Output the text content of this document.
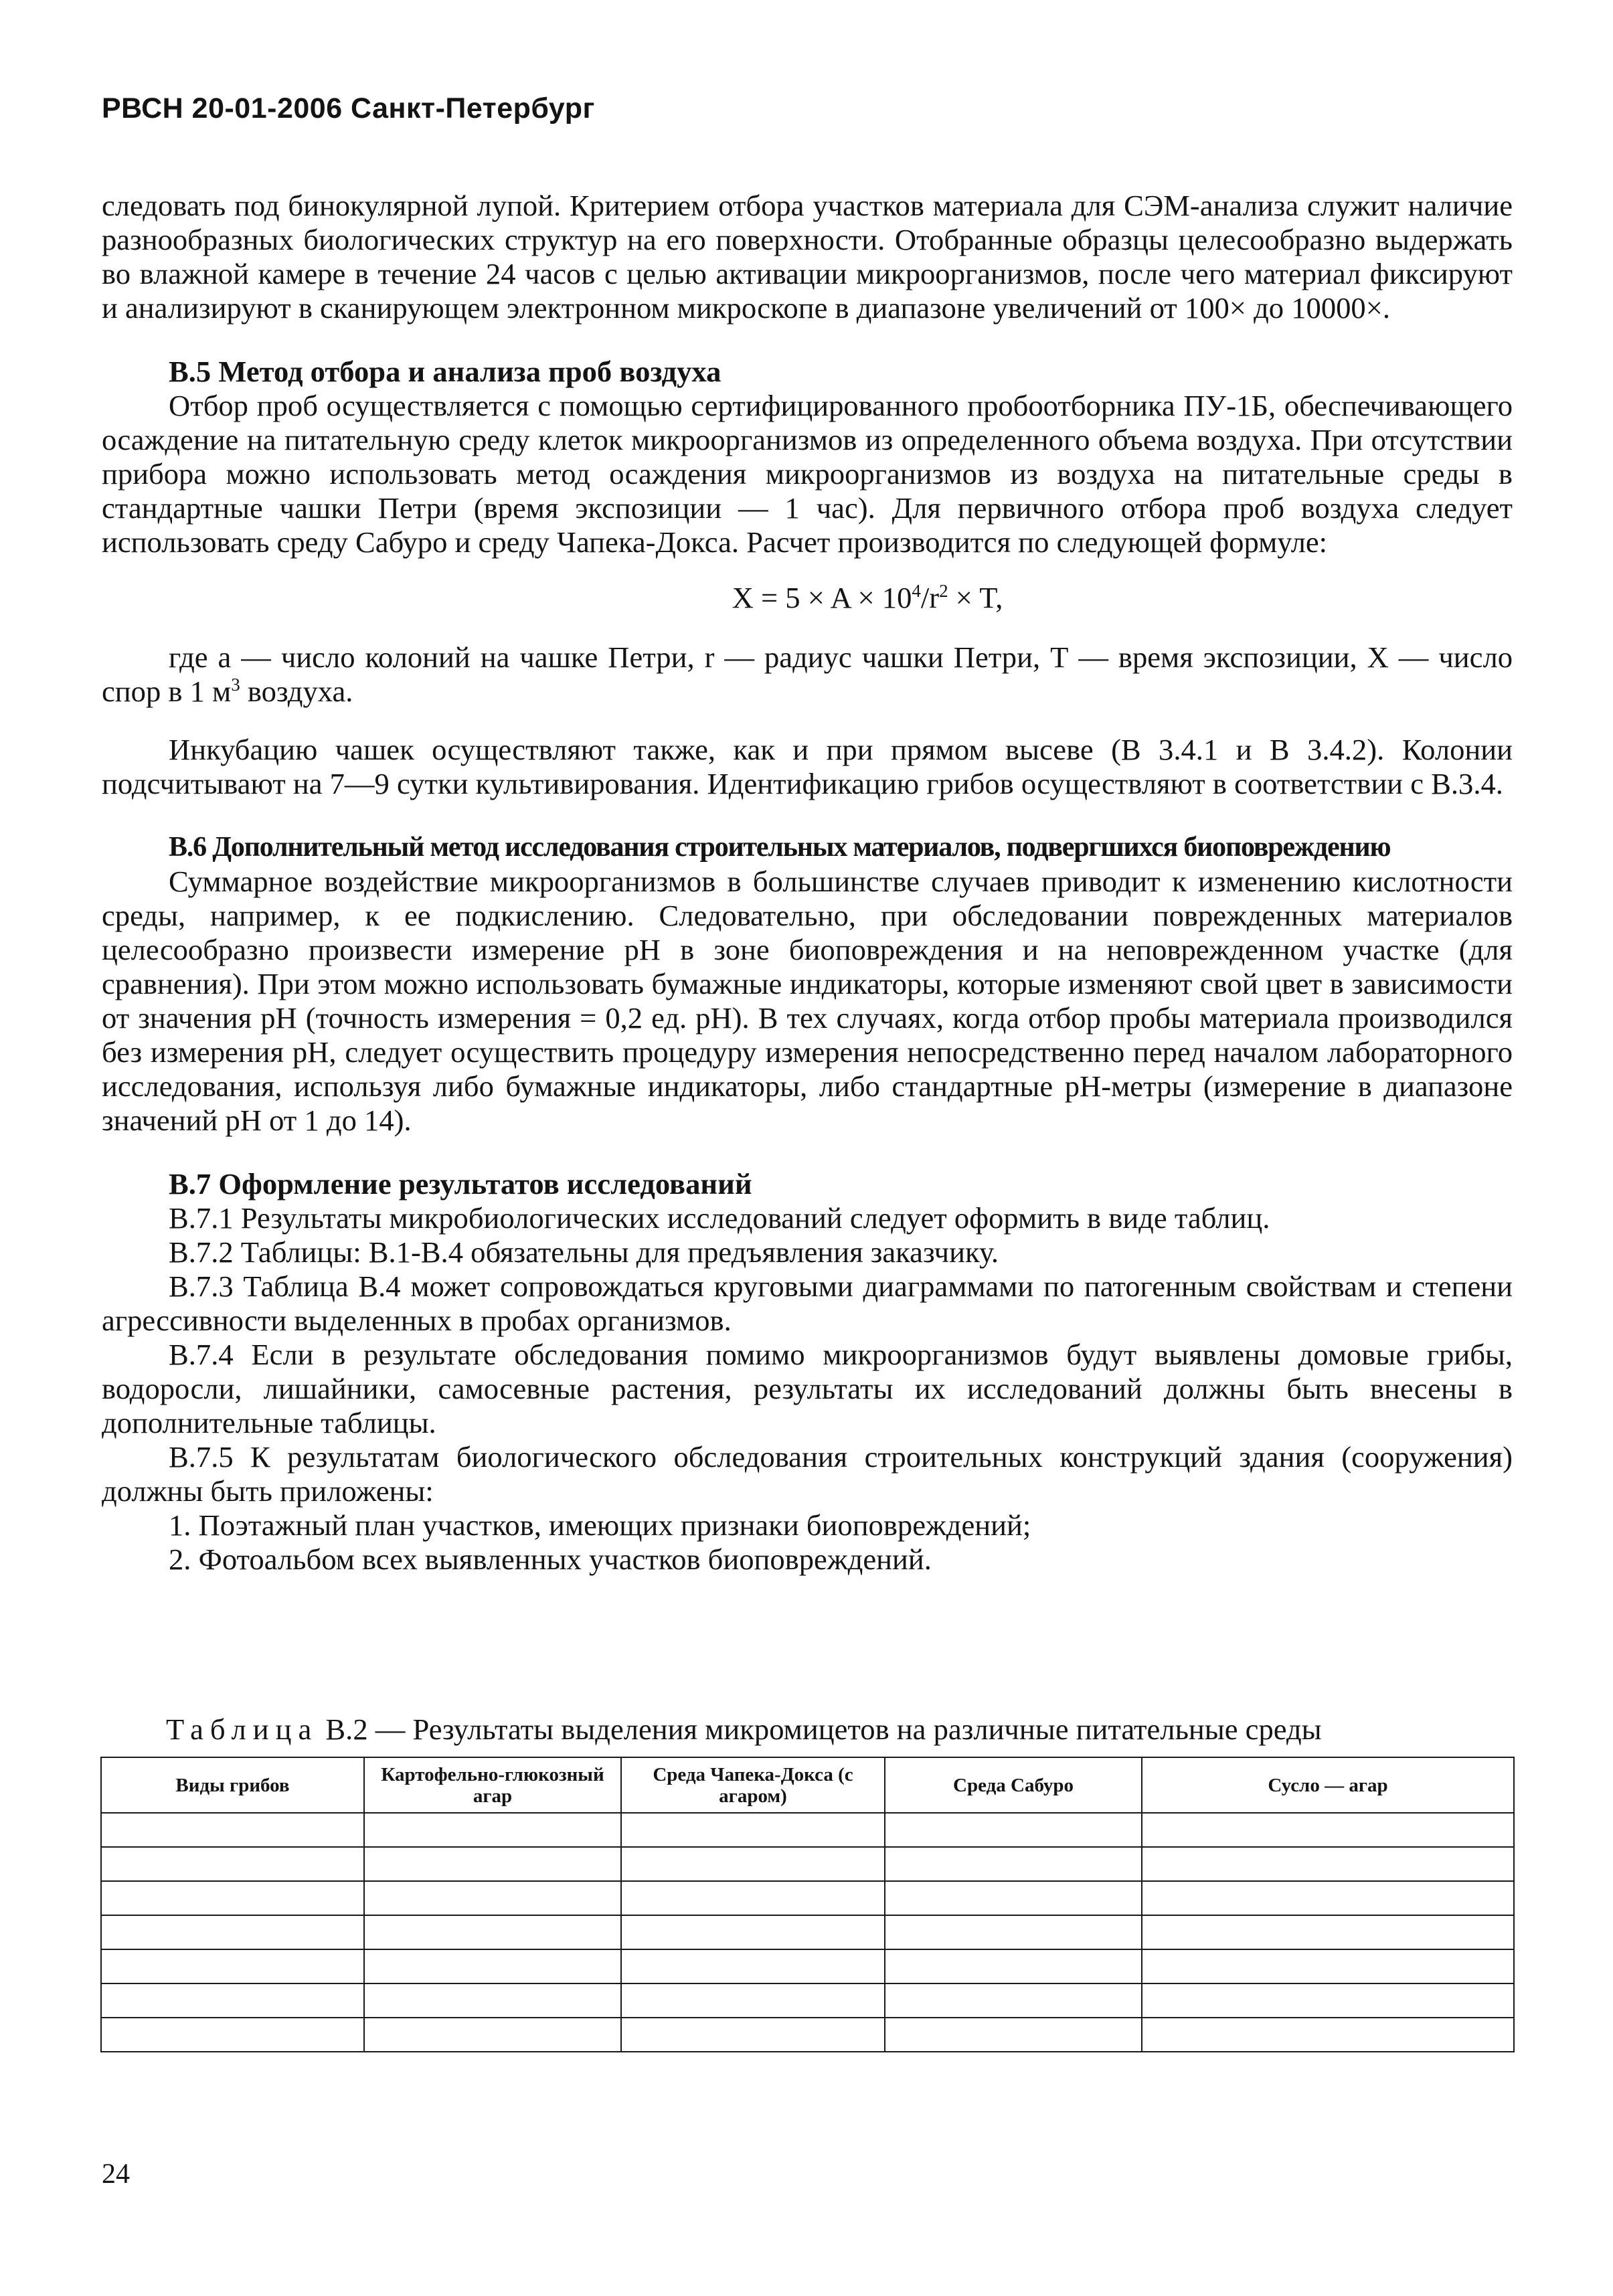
РВСН 20-01-2006 Санкт-Петербург

следовать под бинокулярной лупой. Критерием отбора участков материала для СЭМ-анализа служит наличие разнообразных биологических структур на его поверхности. Отобранные образцы целесообразно выдержать во влажной камере в течение 24 часов с целью активации микроорганизмов, после чего материал фиксируют и анализируют в сканирующем электронном микроскопе в диапазоне увеличений от 100× до 10000×.

В.5 Метод отбора и анализа проб воздуха

Отбор проб осуществляется с помощью сертифицированного пробоотборника ПУ-1Б, обеспечивающего осаждение на питательную среду клеток микроорганизмов из определенного объема воздуха. При отсутствии прибора можно использовать метод осаждения микроорганизмов из воздуха на питательные среды в стандартные чашки Петри (время экспозиции — 1 час). Для первичного отбора проб воздуха следует использовать среду Сабуро и среду Чапека-Докса. Расчет производится по следующей формуле:

$X = 5 \times A \times 10^4/r^2 \times T$,

где а — число колоний на чашке Петри, r — радиус чашки Петри, Т — время экспозиции, Х — число спор в 1 $м^3$ воздуха.

Инкубацию чашек осуществляют также, как и при прямом высеве (В 3.4.1 и В 3.4.2). Колонии подсчитывают на 7—9 сутки культивирования. Идентификацию грибов осуществляют в соответствии с В.3.4.

В.6 Дополнительный метод исследования строительных материалов, подвергшихся биоповреждению

Суммарное воздействие микроорганизмов в большинстве случаев приводит к изменению кислотности среды, например, к ее подкислению. Следовательно, при обследовании поврежденных материалов целесообразно произвести измерение рН в зоне биоповреждения и на неповрежденном участке (для сравнения). При этом можно использовать бумажные индикаторы, которые изменяют свой цвет в зависимости от значения рН (точность измерения = 0,2 ед. рН). В тех случаях, когда отбор пробы материала производился без измерения рН, следует осуществить процедуру измерения непосредственно перед началом лабораторного исследования, используя либо бумажные индикаторы, либо стандартные рН-метры (измерение в диапазоне значений рН от 1 до 14).

В.7 Оформление результатов исследований

В.7.1 Результаты микробиологических исследований следует оформить в виде таблиц.

В.7.2 Таблицы: В.1-В.4 обязательны для предъявления заказчику.

В.7.3 Таблица В.4 может сопровождаться круговыми диаграммами по патогенным свойствам и степени агрессивности выделенных в пробах организмов.

В.7.4 Если в результате обследования помимо микроорганизмов будут выявлены домовые грибы, водоросли, лишайники, самосевные растения, результаты их исследований должны быть внесены в дополнительные таблицы.

В.7.5 К результатам биологического обследования строительных конструкций здания (сооружения) должны быть приложены:

1. Поэтажный план участков, имеющих признаки биоповреждений;

2. Фотоальбом всех выявленных участков биоповреждений.

Таблица В.2 — Результаты выделения микромицетов на различные питательные среды
Виды грибов	Картофельно-глюкозный агар	Среда Чапека-Докса (с агаром)	Среда Сабуро	Сусло — агар

24
